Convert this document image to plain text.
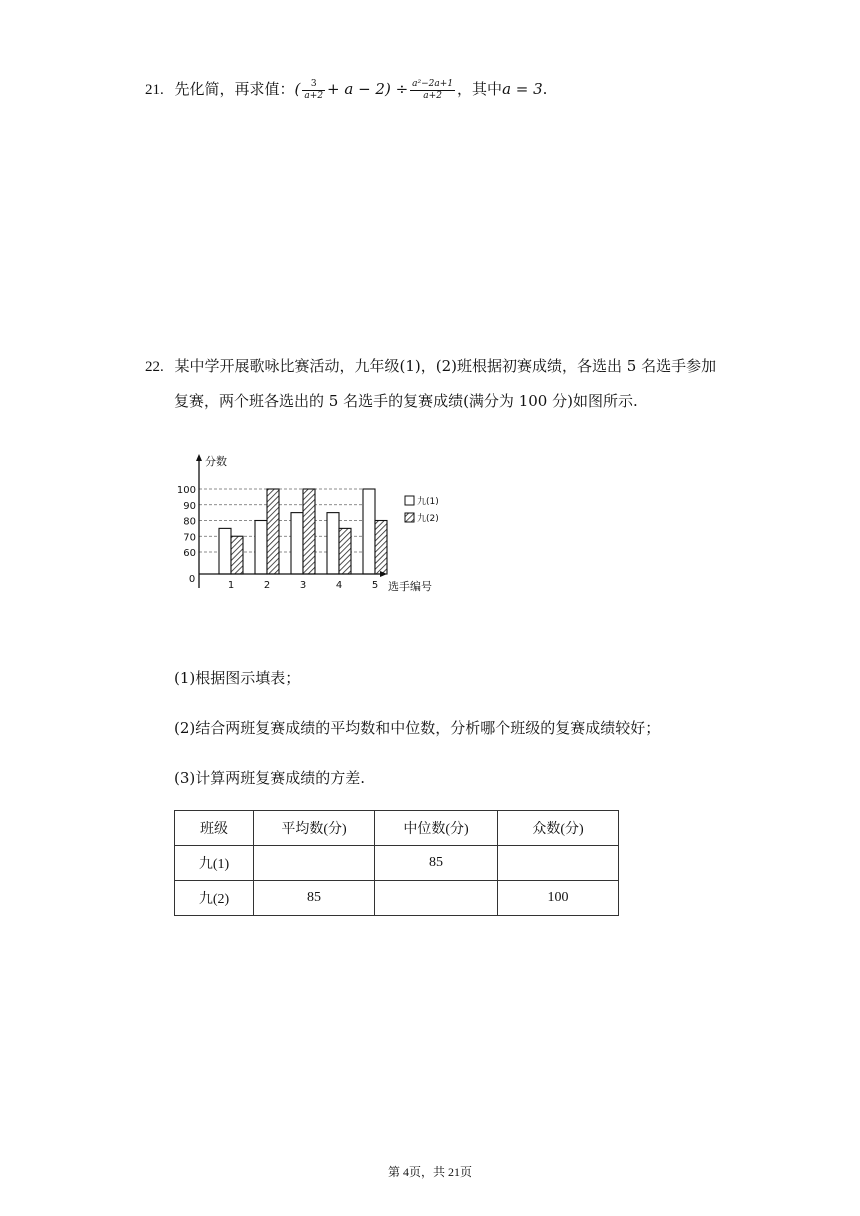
21. 先化简，再求值：( $\frac{3}{a+2} + a - 2) \div \frac{\text{a²−2a+1}}{a+2}$ ，其中a = 3.
22. 某中学开展歌咏比赛活动，九年级(1)，(2)班根据初赛成绩，各选出 5 名选手参加
复赛，两个班各选出的 5 名选手的复赛成绩(满分为 100 分)如图所示.
分数
选手编号
0
100
90
80
70
60
1	2	3	4	5
九(1)
九(2)
(1)根据图示填表；
(2)结合两班复赛成绩的平均数和中位数，分析哪个班级的复赛成绩较好；
(3)计算两班复赛成绩的方差.
班级	平均数(分)	中位数(分)	众数(分)
九(1)		85	
九(2)	85		100
第 4页，共 21页
